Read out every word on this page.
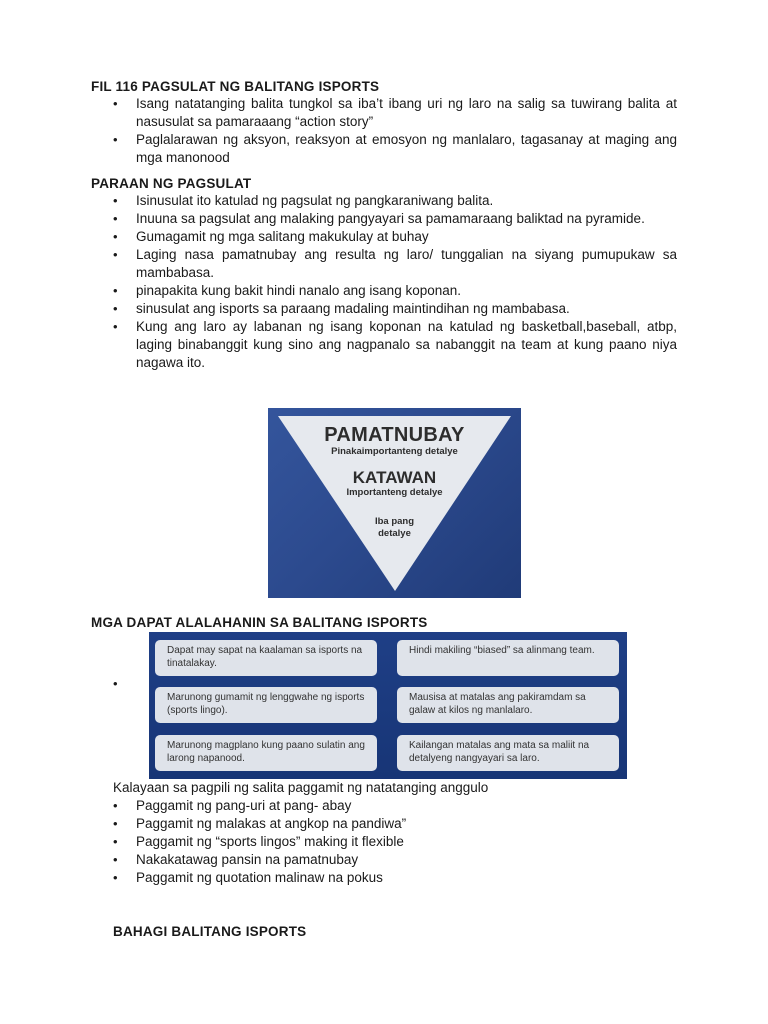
FIL 116 PAGSULAT NG BALITANG ISPORTS
• Isang natatanging balita tungkol sa iba’t ibang uri ng laro na salig sa tuwirang balita at nasusulat sa pamaraaang “action story”
• Paglalarawan ng aksyon, reaksyon at emosyon ng manlalaro, tagasanay at maging ang mga manonood
PARAAN NG PAGSULAT
• Isinusulat ito katulad ng pagsulat ng pangkaraniwang balita.
• Inuuna sa pagsulat ang malaking pangyayari sa pamamaraang baliktad na pyramide.
• Gumagamit ng mga salitang makukulay at buhay
• Laging nasa pamatnubay ang resulta ng laro/ tunggalian na siyang pumupukaw sa mambabasa.
• pinapakita kung bakit hindi nanalo ang isang koponan.
• sinusulat ang isports sa paraang madaling maintindihan ng mambabasa.
• Kung ang laro ay labanan ng isang koponan na katulad ng basketball,baseball, atbp, laging binabanggit kung sino ang nagpanalo sa nabanggit na team at kung paano niya nagawa ito.
PAMATNUBAY
Pinakaimportanteng detalye
KATAWAN
Importanteng detalye
Iba pang
detalye
MGA DAPAT ALALAHANIN SA BALITANG ISPORTS
•
Dapat may sapat na kaalaman sa isports na tinatalakay.
Hindi makiling “biased” sa alinmang team.
Marunong gumamit ng lenggwahe ng isports (sports lingo).
Mausisa at matalas ang pakiramdam sa galaw at kilos ng manlalaro.
Marunong magplano kung paano sulatin ang larong napanood.
Kailangan matalas ang mata sa maliit na detalyeng nangyayari sa laro.
Kalayaan sa pagpili ng salita paggamit ng natatanging anggulo
• Paggamit ng pang-uri at pang- abay
• Paggamit ng malakas at angkop na pandiwa”
• Paggamit ng “sports lingos” making it flexible
• Nakakatawag pansin na pamatnubay
• Paggamit ng quotation malinaw na pokus
BAHAGI BALITANG ISPORTS
